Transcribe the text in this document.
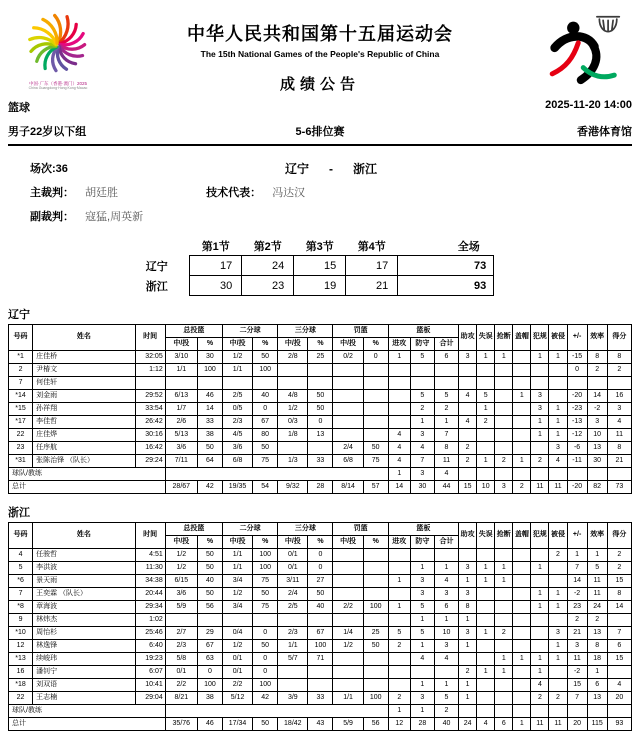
中国·广东（香港·澳门）2025
China Guangdong·Hong Kong·Macao
中华人民共和国第十五届运动会
The 15th National Games of the People's Republic of China
成绩公告
篮球	2025-11-20 14:00
男子22岁以下组	5-6排位赛	香港体育馆
场次:36	辽宁 - 浙江
主裁判： 胡廷胜	技术代表： 冯达汉
副裁判： 寇猛,周英新
	第1节	第2节	第3节	第4节	全场
辽宁	17	24	15	17	73
浙江	30	23	19	21	93
辽宁
号码	姓名	时间	总投篮		二分球		三分球		罚篮		篮板			助攻	失误	抢断	盖帽	犯规	被侵	+/-	效率	得分
			中/投	%	中/投	%	中/投	%	中/投	%	进攻	防守	合计									
*1	庄佳桥	32:05	3/10	30	1/2	50	2/8	25	0/2	0	1	5	6	3	1	1		1	1	-15	8	8
2	尹椿文	1:12	1/1	100	1/1	100														0	2	2
7	何佳轩																					
*14	刘金雨	29:52	6/13	46	2/5	40	4/8	50				5	5	4	5		1	3		-20	14	16
*15	孙祥翔	33:54	1/7	14	0/5	0	1/2	50				2	2		1			3	1	-23	-2	3
*17	李佳哲	26:42	2/6	33	2/3	67	0/3	0				1	1	4	2			1	1	-13	3	4
22	庄佳烨	30:16	5/13	38	4/5	80	1/8	13			4	3	7					1	1	-12	10	11
23	任序航	16:42	3/6	50	3/6	50			2/4	50	4	4	8	2					3	-6	13	8
*31	张陈治锋 （队长）	29:24	7/11	64	6/8	75	1/3	33	6/8	75	4	7	11	2	1	2	1	2	4	-11	30	21
球队/教练											1	3	4									
总计			28/67	42	19/35	54	9/32	28	8/14	57	14	30	44	15	10	3	2	11	11	-20	82	73
浙江
号码	姓名	时间	总投篮		二分球		三分球		罚篮		篮板			助攻	失误	抢断	盖帽	犯规	被侵	+/-	效率	得分
			中/投	%	中/投	%	中/投	%	中/投	%	进攻	防守	合计									
4	任骏哲	4:51	1/2	50	1/1	100	0/1	0											2	1	1	2
5	李洪波	11:30	1/2	50	1/1	100	0/1	0				1	1	3	1	1		1		7	5	2
*6	景天雨	34:38	6/15	40	3/4	75	3/11	27			1	3	4	1	1	1				14	11	15
7	王奕霖 （队长）	20:44	3/6	50	1/2	50	2/4	50				3	3	3				1	1	-2	11	8
*8	章海波	29:34	5/9	56	3/4	75	2/5	40	2/2	100	1	5	6	8				1	1	23	24	14
9	林炜杰	1:02										1	1	1						2	2	
*10	周怡杉	25:46	2/7	29	0/4	0	2/3	67	1/4	25	5	5	10	3	1	2			3	21	13	7
12	林逸锋	6:40	2/3	67	1/2	50	1/1	100	1/2	50	2	1	3	1					1	3	8	6
*13	续峻玮	19:23	5/8	63	0/1	0	5/7	71				4	4			1	1	1	1	11	18	15
16	潘钊宁	6:07	0/1	0	0/1	0								2	1	1		1		-2	1	
*18	刘双语	10:41	2/2	100	2/2	100						1	1	1				4		15	6	4
22	王志楠	29:04	8/21	38	5/12	42	3/9	33	1/1	100	2	3	5	1				2	2	7	13	20
球队/教练											1	1	2									
总计			35/76	46	17/34	50	18/42	43	5/9	56	12	28	40	24	4	6	1	11	11	20	115	93
